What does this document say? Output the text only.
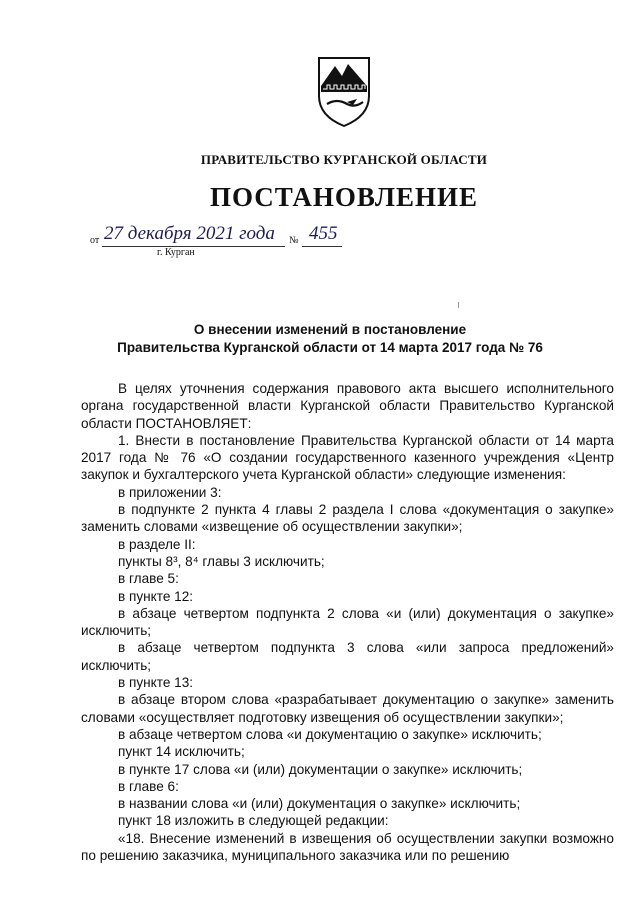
ПРАВИТЕЛЬСТВО КУРГАНСКОЙ ОБЛАСТИ
ПОСТАНОВЛЕНИЕ
от 27 декабря 2021 года № 455
г. Курган
О внесении изменений в постановление
Правительства Курганской области от 14 марта 2017 года № 76

В целях уточнения содержания правового акта высшего исполнительного органа государственной власти Курганской области Правительство Курганской области ПОСТАНОВЛЯЕТ:

1. Внести в постановление Правительства Курганской области от 14 марта 2017 года № 76 «О создании государственного казенного учреждения «Центр закупок и бухгалтерского учета Курганской области» следующие изменения:

в приложении 3:

в подпункте 2 пункта 4 главы 2 раздела I слова «документация о закупке» заменить словами «извещение об осуществлении закупки»;

в разделе II:

пункты 8³, 8⁴ главы 3 исключить;

в главе 5:

в пункте 12:

в абзаце четвертом подпункта 2 слова «и (или) документация о закупке» исключить;

в абзаце четвертом подпункта 3 слова «или запроса предложений» исключить;

в пункте 13:

в абзаце втором слова «разрабатывает документацию о закупке» заменить словами «осуществляет подготовку извещения об осуществлении закупки»;

в абзаце четвертом слова «и документацию о закупке» исключить;

пункт 14 исключить;

в пункте 17 слова «и (или) документации о закупке» исключить;

в главе 6:

в названии слова «и (или) документация о закупке» исключить;

пункт 18 изложить в следующей редакции:

«18. Внесение изменений в извещения об осуществлении закупки возможно по решению заказчика, муниципального заказчика или по решению
